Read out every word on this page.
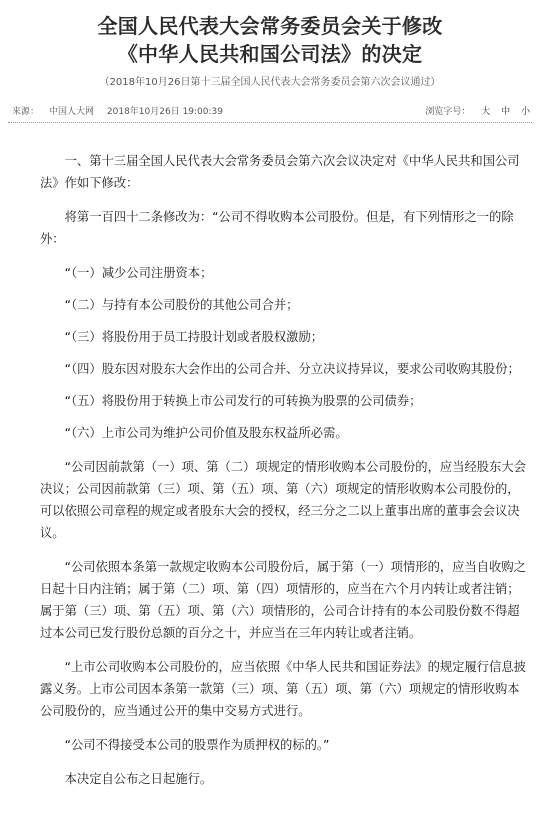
全国人民代表大会常务委员会关于修改
《中华人民共和国公司法》的决定
（2018年10月26日第十三届全国人民代表大会常务委员会第六次会议通过）
来源： 中国人大网 2018年10月26日 19:00:39	浏览字号： 大 中 小

一、第十三届全国人民代表大会常务委员会第六次会议决定对《中华人民共和国公司法》作如下修改：

将第一百四十二条修改为：“公司不得收购本公司股份。但是，有下列情形之一的除外：

“（一）减少公司注册资本；

“（二）与持有本公司股份的其他公司合并；

“（三）将股份用于员工持股计划或者股权激励；

“（四）股东因对股东大会作出的公司合并、分立决议持异议，要求公司收购其股份；

“（五）将股份用于转换上市公司发行的可转换为股票的公司债券；

“（六）上市公司为维护公司价值及股东权益所必需。

“公司因前款第（一）项、第（二）项规定的情形收购本公司股份的，应当经股东大会决议；公司因前款第（三）项、第（五）项、第（六）项规定的情形收购本公司股份的，可以依照公司章程的规定或者股东大会的授权，经三分之二以上董事出席的董事会会议决议。

“公司依照本条第一款规定收购本公司股份后，属于第（一）项情形的，应当自收购之日起十日内注销；属于第（二）项、第（四）项情形的，应当在六个月内转让或者注销；属于第（三）项、第（五）项、第（六）项情形的，公司合计持有的本公司股份数不得超过本公司已发行股份总额的百分之十，并应当在三年内转让或者注销。

“上市公司收购本公司股份的，应当依照《中华人民共和国证券法》的规定履行信息披露义务。上市公司因本条第一款第（三）项、第（五）项、第（六）项规定的情形收购本公司股份的，应当通过公开的集中交易方式进行。

“公司不得接受本公司的股票作为质押权的标的。”

本决定自公布之日起施行。
